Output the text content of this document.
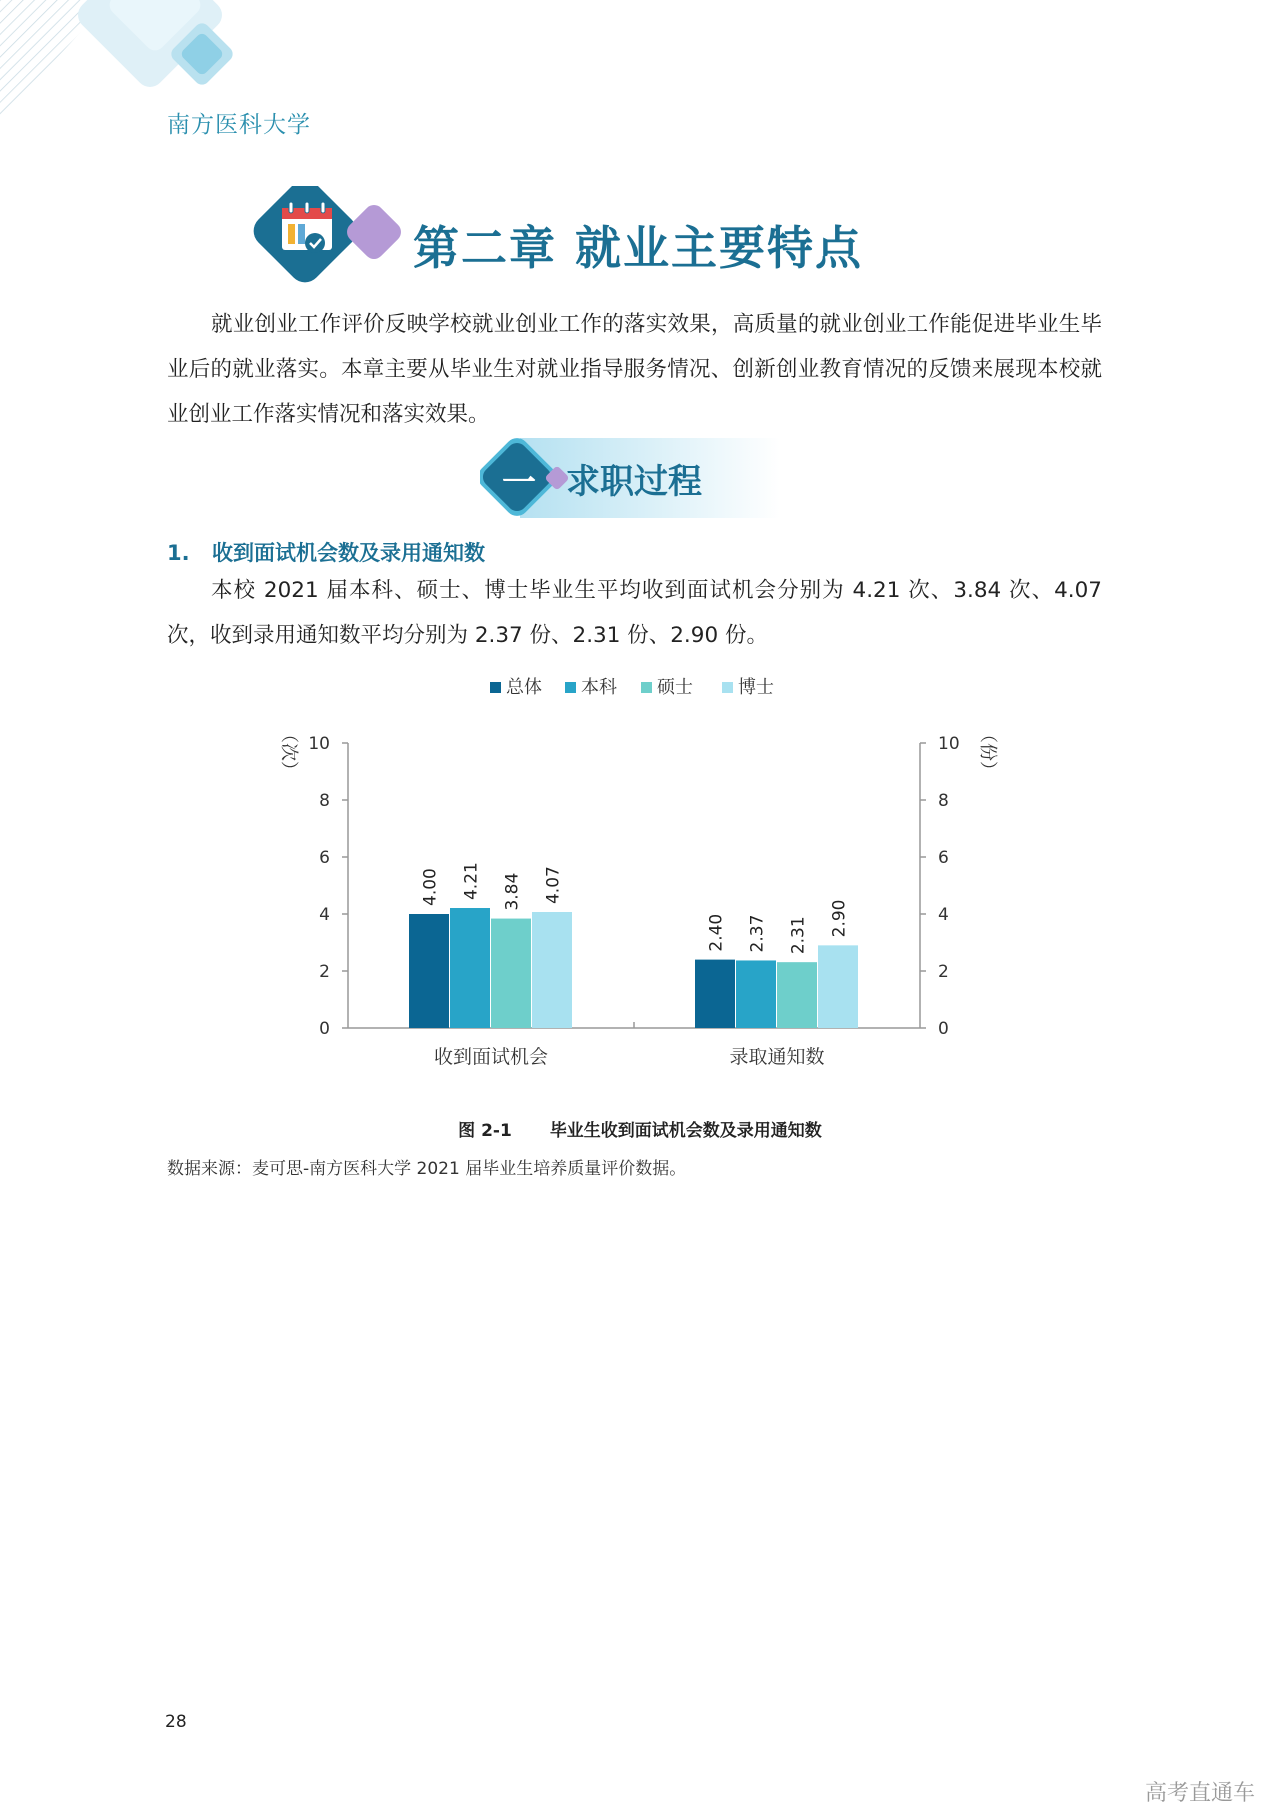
南方医科大学
第二章 就业主要特点
就业创业工作评价反映学校就业创业工作的落实效果，高质量的就业创业工作能促进毕业生毕业后的就业落实。本章主要从毕业生对就业指导服务情况、创新创业教育情况的反馈来展现本校就业创业工作落实情况和落实效果。
一 求职过程
1. 收到面试机会数及录用通知数
本校 2021 届本科、硕士、博士毕业生平均收到面试机会分别为 4.21 次、3.84 次、4.07 次，收到录用通知数平均分别为 2.37 份、2.31 份、2.90 份。
总体 本科 硕士	博士
（次）	（份）
0	0
2	2
4	4
6	6
8	8
10	10
4.00 4.21 3.84 4.07
2.40 2.37 2.31 2.90
收到面试机会	录取通知数
图 2-1 毕业生收到面试机会数及录用通知数
数据来源：麦可思-南方医科大学 2021 届毕业生培养质量评价数据。
28
高考直通车
